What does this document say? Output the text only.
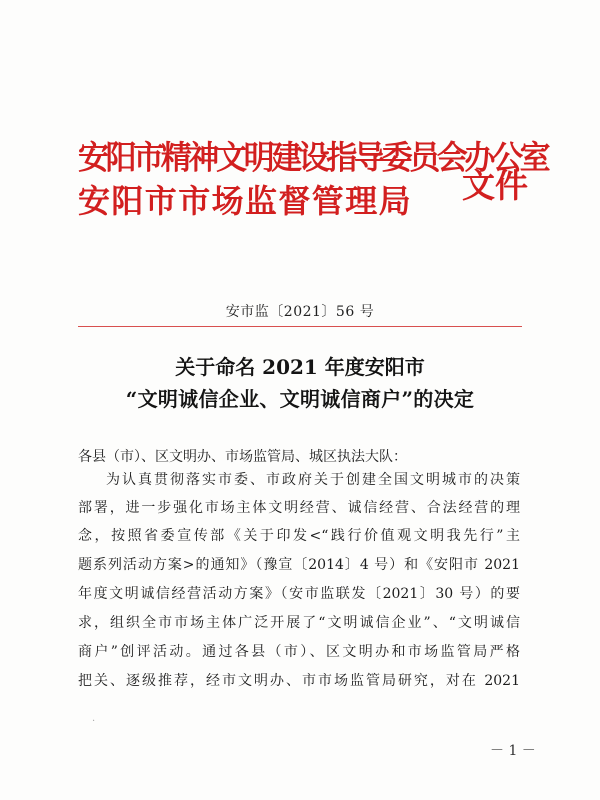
安阳市精神文明建设指导委员会办公室
安阳市市场监督管理局 文件
安市监〔2021〕56 号
关于命名 2021 年度安阳市
“文明诚信企业、文明诚信商户”的决定
各县（市）、区文明办、市场监管局、城区执法大队：
为认真贯彻落实市委、市政府关于创建全国文明城市的决策
部署，进一步强化市场主体文明经营、诚信经营、合法经营的理
念，按照省委宣传部《关于印发<“践行价值观文明我先行”主
题系列活动方案>的通知》（豫宣〔2014〕4 号）和《安阳市 2021
年度文明诚信经营活动方案》（安市监联发〔2021〕30 号）的要
求，组织全市市场主体广泛开展了“文明诚信企业”、“文明诚信
商户”创评活动。通过各县（市）、区文明办和市场监管局严格
把关、逐级推荐，经市文明办、市市场监管局研究，对在 2021
·
－ 1 －
